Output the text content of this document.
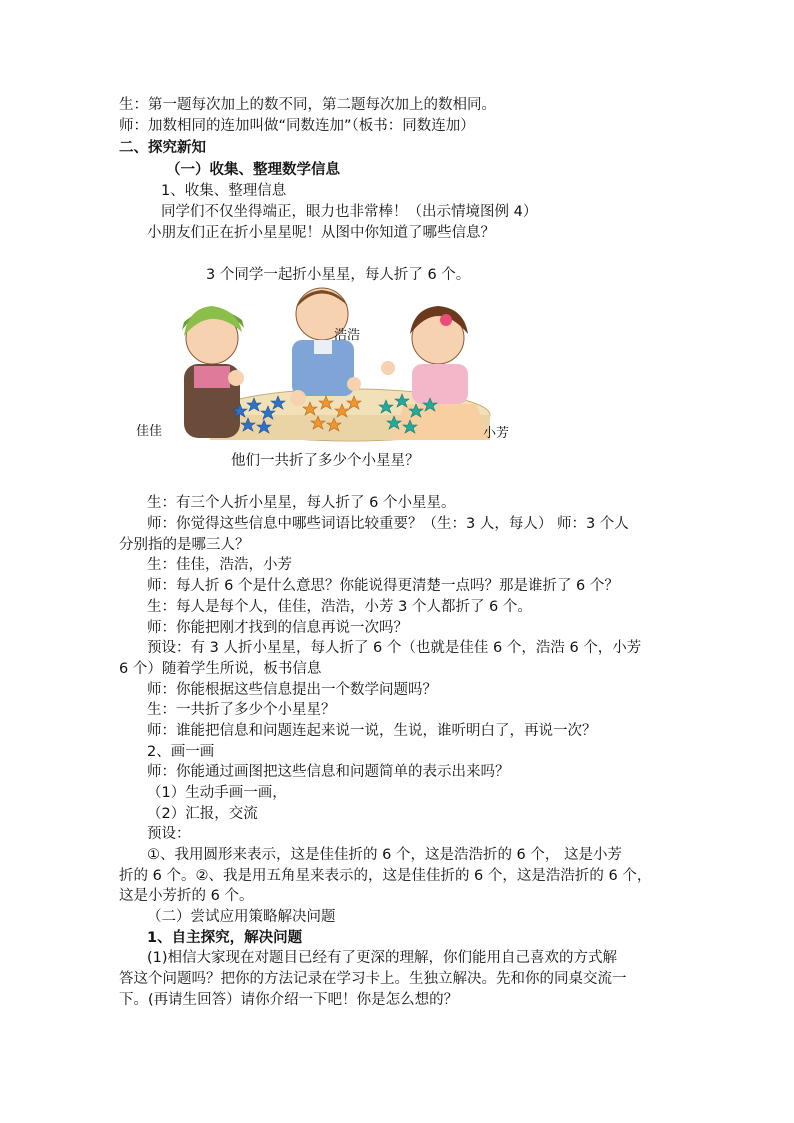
生：第一题每次加上的数不同，第二题每次加上的数相同。
师：加数相同的连加叫做“同数连加”（板书：同数连加）
二、探究新知
（一）收集、整理数学信息
1、收集、整理信息
同学们不仅坐得端正，眼力也非常棒！（出示情境图例 4）
小朋友们正在折小星星呢！从图中你知道了哪些信息？
3 个同学一起折小星星，每人折了 6 个。
佳佳
浩浩
小芳
他们一共折了多少个小星星？
生：有三个人折小星星，每人折了 6 个小星星。
师：你觉得这些信息中哪些词语比较重要？（生：3 人，每人） 师：3 个人
分别指的是哪三人？
生：佳佳，浩浩，小芳
师：每人折 6 个是什么意思？你能说得更清楚一点吗？那是谁折了 6 个？
生：每人是每个人，佳佳，浩浩，小芳 3 个人都折了 6 个。
师：你能把刚才找到的信息再说一次吗？
预设：有 3 人折小星星，每人折了 6 个（也就是佳佳 6 个，浩浩 6 个，小芳
6 个）随着学生所说，板书信息
师：你能根据这些信息提出一个数学问题吗？
生：一共折了多少个小星星？
师：谁能把信息和问题连起来说一说，生说，谁听明白了，再说一次？
2、画一画
师：你能通过画图把这些信息和问题简单的表示出来吗？
（1）生动手画一画，
（2）汇报，交流
预设：
①、我用圆形来表示，这是佳佳折的 6 个，这是浩浩折的 6 个， 这是小芳
折的 6 个。②、我是用五角星来表示的，这是佳佳折的 6 个，这是浩浩折的 6 个，
这是小芳折的 6 个。
（二）尝试应用策略解决问题
1、自主探究，解决问题
(1)相信大家现在对题目已经有了更深的理解，你们能用自己喜欢的方式解
答这个问题吗？把你的方法记录在学习卡上。生独立解决。先和你的同桌交流一
下。(再请生回答）请你介绍一下吧！你是怎么想的？
